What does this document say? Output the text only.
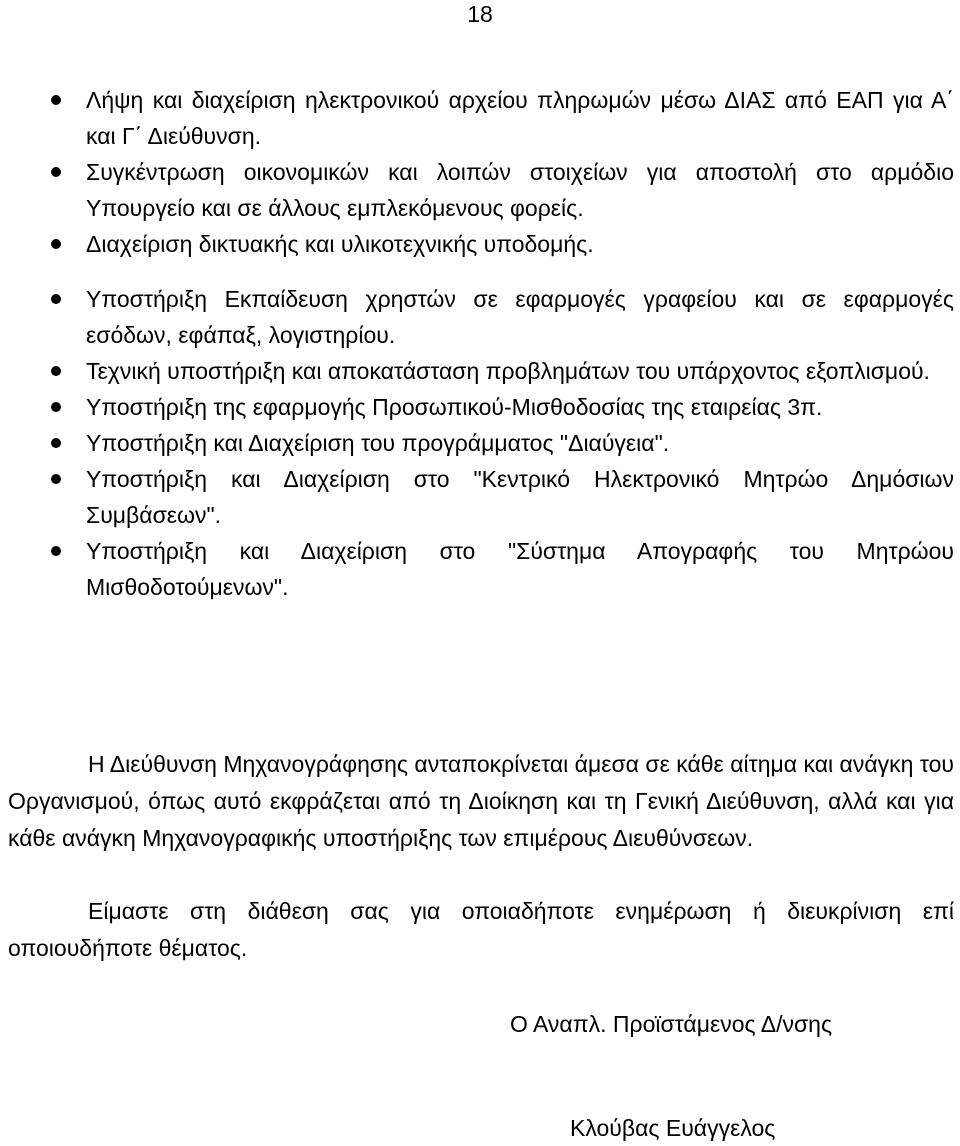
18
Λήψη και διαχείριση ηλεκτρονικού αρχείου πληρωμών μέσω ΔΙΑΣ από ΕΑΠ για Α΄ και Γ΄ Διεύθυνση.
Συγκέντρωση οικονομικών και λοιπών στοιχείων για αποστολή στο αρμόδιο Υπουργείο και σε άλλους εμπλεκόμενους φορείς.
Διαχείριση δικτυακής και υλικοτεχνικής υποδομής.
Υποστήριξη Εκπαίδευση χρηστών σε εφαρμογές γραφείου και σε εφαρμογές εσόδων, εφάπαξ, λογιστηρίου.
Τεχνική υποστήριξη και αποκατάσταση προβλημάτων του υπάρχοντος εξοπλισμού.
Υποστήριξη της εφαρμογής Προσωπικού-Μισθοδοσίας της εταιρείας 3π.
Υποστήριξη και Διαχείριση του προγράμματος "Διαύγεια".
Υποστήριξη και Διαχείριση στο "Κεντρικό Ηλεκτρονικό Μητρώο Δημόσιων Συμβάσεων".
Υποστήριξη και Διαχείριση στο "Σύστημα Απογραφής του Μητρώου Μισθοδοτούμενων".

Η Διεύθυνση Μηχανογράφησης ανταποκρίνεται άμεσα σε κάθε αίτημα και ανάγκη του Οργανισμού, όπως αυτό εκφράζεται από τη Διοίκηση και τη Γενική Διεύθυνση, αλλά και για κάθε ανάγκη Μηχανογραφικής υποστήριξης των επιμέρους Διευθύνσεων.

Είμαστε στη διάθεση σας για οποιαδήποτε ενημέρωση ή διευκρίνιση επί οποιουδήποτε θέματος.

Ο Αναπλ. Προϊστάμενος Δ/νσης
Κλούβας Ευάγγελος
